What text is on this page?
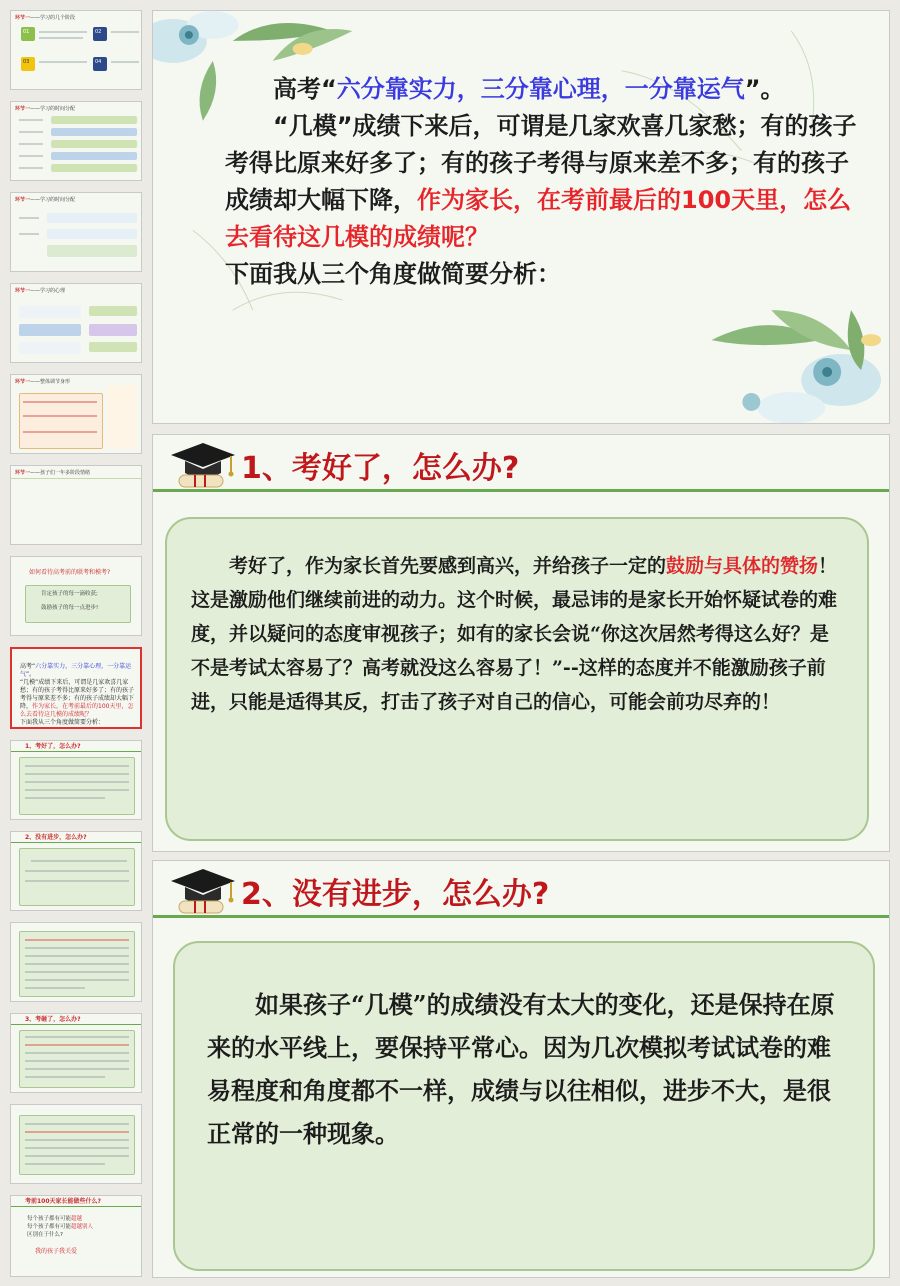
环节一——学习的几个阶段
01	02
03	04
环节一——学习的时间分配
环节一——学习的时间分配
环节一——学习的心理
环节一——整体调节身形
环节一——孩子们一年多阶段情绪
如何看待高考前的联考和模考?
肯定孩子的每一滴收获;
鼓励孩子的每一点进步!
高考“六分靠实力，三分靠心理，一分靠运气”。
“几模”成绩下来后，可谓是几家欢喜几家愁；有的孩子考得比原来好多了；有的孩子考得与原来差不多；有的孩子成绩却大幅下降，作为家长，在考前最后的100天里，怎么去看待这几模的成绩呢？
下面我从三个角度做简要分析：
1、考好了，怎么办?
2、没有进步，怎么办?
3、考砸了，怎么办?
考前100天家长能做些什么?
每个孩子都有可能超越
每个孩子都有可能超越别人
区别在于什么?
我的孩子我关爱

高考“六分靠实力，三分靠心理，一分靠运气”。

“几模”成绩下来后，可谓是几家欢喜几家愁；有的孩子考得比原来好多了；有的孩子考得与原来差不多；有的孩子成绩却大幅下降，作为家长，在考前最后的100天里，怎么去看待这几模的成绩呢？

下面我从三个角度做简要分析：

1、考好了，怎么办?

考好了，作为家长首先要感到高兴，并给孩子一定的鼓励与具体的赞扬！这是激励他们继续前进的动力。这个时候，最忌讳的是家长开始怀疑试卷的难度，并以疑问的态度审视孩子；如有的家长会说“你这次居然考得这么好？是不是考试太容易了？高考就没这么容易了！”--这样的态度并不能激励孩子前进，只能是适得其反，打击了孩子对自己的信心，可能会前功尽弃的！

2、没有进步，怎么办?

如果孩子“几模”的成绩没有太大的变化，还是保持在原来的水平线上，要保持平常心。因为几次模拟考试试卷的难易程度和角度都不一样，成绩与以往相似，进步不大，是很正常的一种现象。
